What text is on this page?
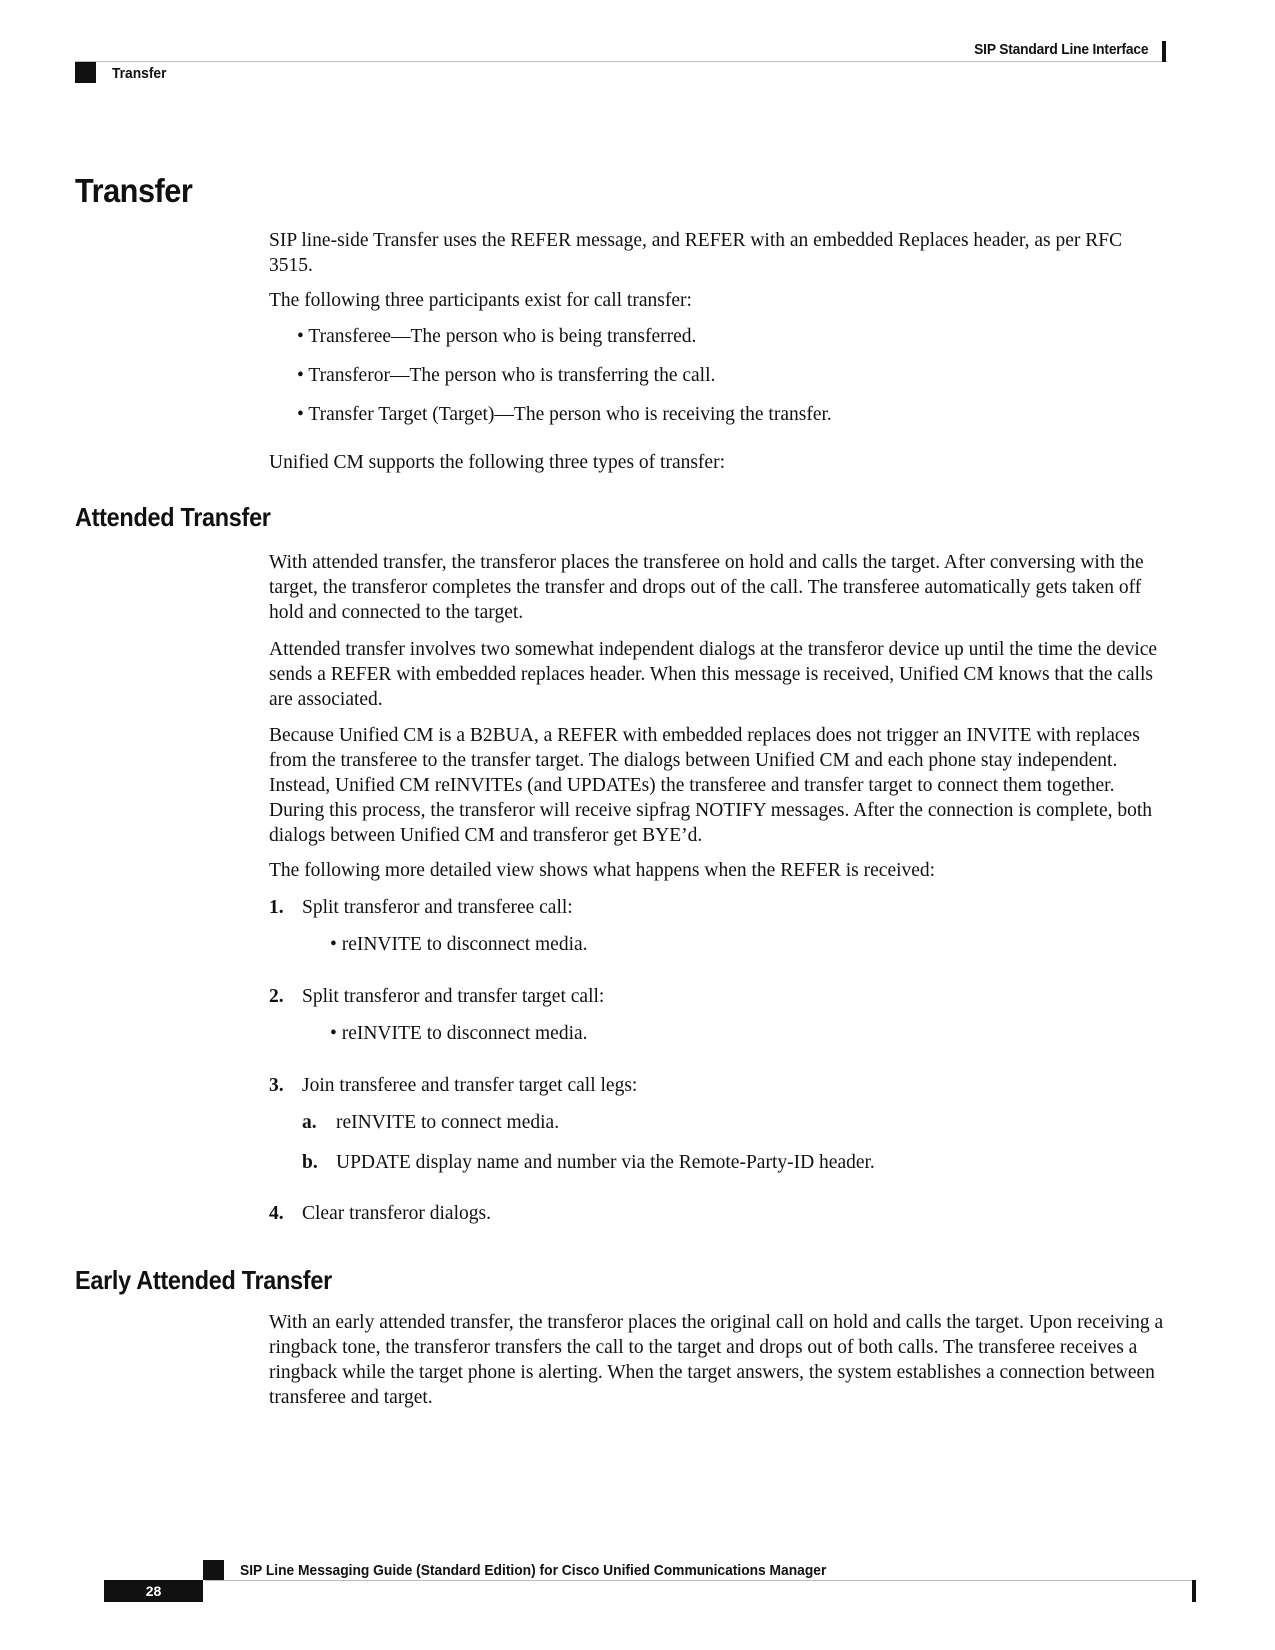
SIP Standard Line Interface
Transfer
Transfer

SIP line-side Transfer uses the REFER message, and REFER with an embedded Replaces header, as per RFC 3515.

The following three participants exist for call transfer:

• Transferee—The person who is being transferred.

• Transferor—The person who is transferring the call.

• Transfer Target (Target)—The person who is receiving the transfer.

Unified CM supports the following three types of transfer:

Attended Transfer

With attended transfer, the transferor places the transferee on hold and calls the target. After conversing with the target, the transferor completes the transfer and drops out of the call. The transferee automatically gets taken off hold and connected to the target.

Attended transfer involves two somewhat independent dialogs at the transferor device up until the time the device sends a REFER with embedded replaces header. When this message is received, Unified CM knows that the calls are associated.

Because Unified CM is a B2BUA, a REFER with embedded replaces does not trigger an INVITE with replaces from the transferee to the transfer target. The dialogs between Unified CM and each phone stay independent. Instead, Unified CM reINVITEs (and UPDATEs) the transferee and transfer target to connect them together. During this process, the transferor will receive sipfrag NOTIFY messages. After the connection is complete, both dialogs between Unified CM and transferor get BYE’d.

The following more detailed view shows what happens when the REFER is received:

1. Split transferor and transferee call:
• reINVITE to disconnect media.
2. Split transferor and transfer target call:
• reINVITE to disconnect media.
3. Join transferee and transfer target call legs:
a. reINVITE to connect media.
b. UPDATE display name and number via the Remote-Party-ID header.
4. Clear transferor dialogs.
Early Attended Transfer

With an early attended transfer, the transferor places the original call on hold and calls the target. Upon receiving a ringback tone, the transferor transfers the call to the target and drops out of both calls. The transferee receives a ringback while the target phone is alerting. When the target answers, the system establishes a connection between transferee and target.

SIP Line Messaging Guide (Standard Edition) for Cisco Unified Communications Manager
28
